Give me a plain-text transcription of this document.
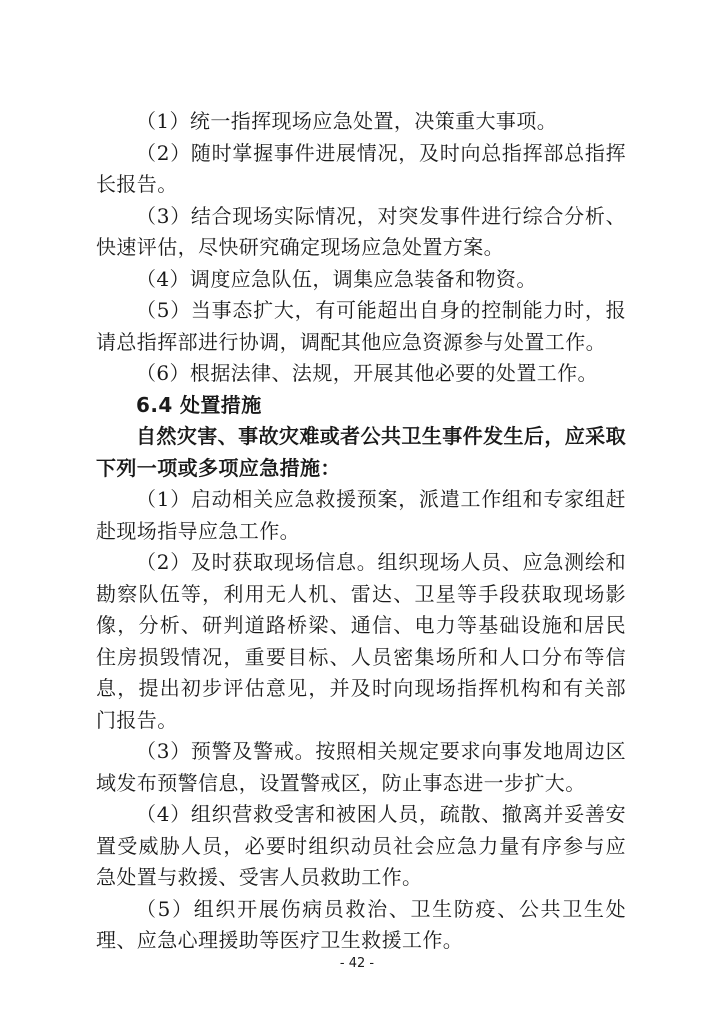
（1）统一指挥现场应急处置，决策重大事项。

（2）随时掌握事件进展情况，及时向总指挥部总指挥长报告。

（3）结合现场实际情况，对突发事件进行综合分析、快速评估，尽快研究确定现场应急处置方案。

（4）调度应急队伍，调集应急装备和物资。

（5）当事态扩大，有可能超出自身的控制能力时，报请总指挥部进行协调，调配其他应急资源参与处置工作。

（6）根据法律、法规，开展其他必要的处置工作。

6.4 处置措施

自然灾害、事故灾难或者公共卫生事件发生后，应采取下列一项或多项应急措施：

（1）启动相关应急救援预案，派遣工作组和专家组赶赴现场指导应急工作。

（2）及时获取现场信息。组织现场人员、应急测绘和勘察队伍等，利用无人机、雷达、卫星等手段获取现场影像，分析、研判道路桥梁、通信、电力等基础设施和居民住房损毁情况，重要目标、人员密集场所和人口分布等信息，提出初步评估意见，并及时向现场指挥机构和有关部门报告。

（3）预警及警戒。按照相关规定要求向事发地周边区域发布预警信息，设置警戒区，防止事态进一步扩大。

（4）组织营救受害和被困人员，疏散、撤离并妥善安置受威胁人员，必要时组织动员社会应急力量有序参与应急处置与救援、受害人员救助工作。

（5）组织开展伤病员救治、卫生防疫、公共卫生处理、应急心理援助等医疗卫生救援工作。

- 42 -
